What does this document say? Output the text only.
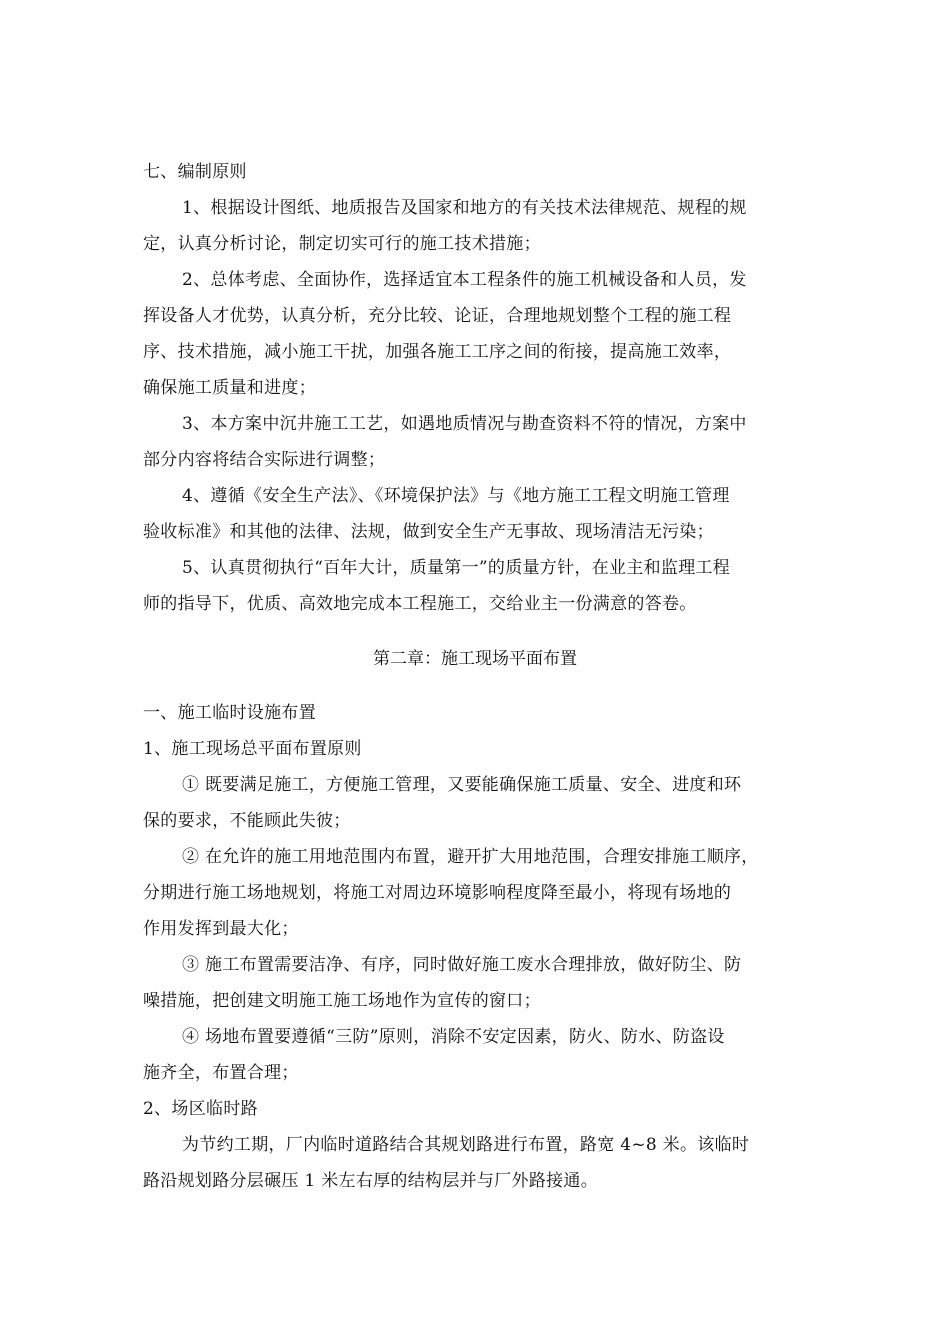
七、编制原则
1、根据设计图纸、地质报告及国家和地方的有关技术法律规范、规程的规
定，认真分析讨论，制定切实可行的施工技术措施；
2、总体考虑、全面协作，选择适宜本工程条件的施工机械设备和人员，发
挥设备人才优势，认真分析，充分比较、论证，合理地规划整个工程的施工程
序、技术措施，减小施工干扰，加强各施工工序之间的衔接，提高施工效率，
确保施工质量和进度；
3、本方案中沉井施工工艺，如遇地质情况与勘查资料不符的情况，方案中
部分内容将结合实际进行调整；
4、遵循《安全生产法》、《环境保护法》与《地方施工工程文明施工管理
验收标准》和其他的法律、法规，做到安全生产无事故、现场清洁无污染；
5、认真贯彻执行“百年大计，质量第一”的质量方针，在业主和监理工程
师的指导下，优质、高效地完成本工程施工，交给业主一份满意的答卷。
第二章：施工现场平面布置
一、施工临时设施布置
1、施工现场总平面布置原则
① 既要满足施工，方便施工管理，又要能确保施工质量、安全、进度和环
保的要求，不能顾此失彼；
② 在允许的施工用地范围内布置，避开扩大用地范围，合理安排施工顺序，
分期进行施工场地规划，将施工对周边环境影响程度降至最小，将现有场地的
作用发挥到最大化；
③ 施工布置需要洁净、有序，同时做好施工废水合理排放，做好防尘、防
噪措施，把创建文明施工施工场地作为宣传的窗口；
④ 场地布置要遵循“三防”原则，消除不安定因素，防火、防水、防盗设
施齐全，布置合理；
2、场区临时路
为节约工期，厂内临时道路结合其规划路进行布置，路宽 4~8 米。该临时
路沿规划路分层碾压 1 米左右厚的结构层并与厂外路接通。
